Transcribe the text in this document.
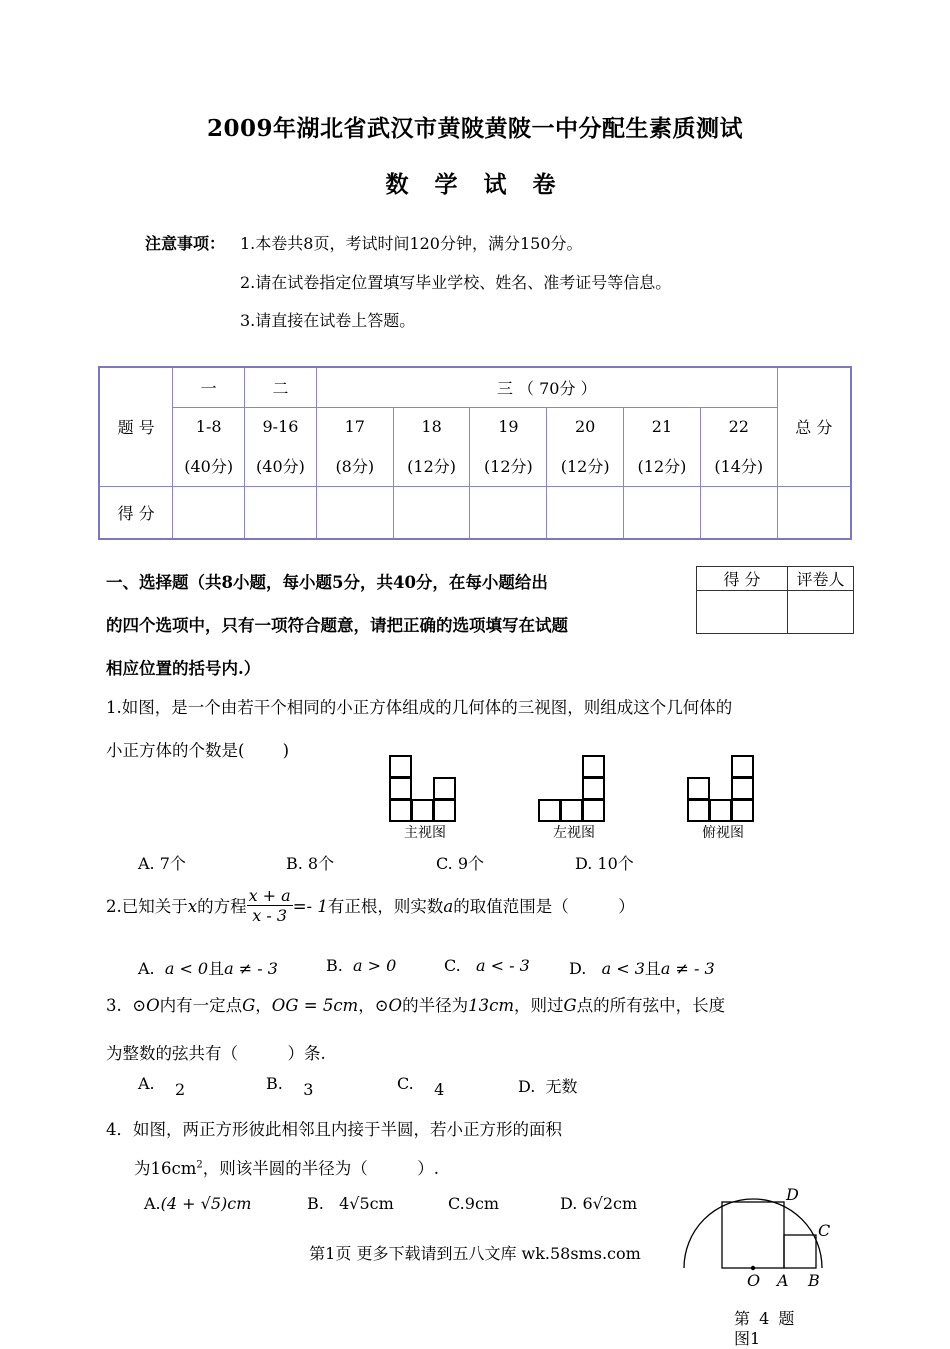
2009年湖北省武汉市黄陂黄陂一中分配生素质测试
数 学 试 卷
注意事项： 1.本卷共8页，考试时间120分钟，满分150分。
2.请在试卷指定位置填写毕业学校、姓名、准考证号等信息。
3.请直接在试卷上答题。
题 号	一	二	三 （ 70分 ）						总 分
	1-8	9-16	17	18	19	20	21	22	
	(40分)	(40分)	(8分)	(12分)	(12分)	(12分)	(12分)	(14分)	
得 分									
一、选择题（共8小题，每小题5分，共40分，在每小题给出
的四个选项中，只有一项符合题意，请把正确的选项填写在试题
相应位置的括号内.）
得 分	评卷人

1.如图，是一个由若干个相同的小正方体组成的几何体的三视图，则组成这个几何体的
小正方体的个数是(　　 )
主视图	左视图	俯视图
A. 7个	B. 8个	C. 9个	D. 10个
2.已知关于x的方程 $\frac{x + a}{x - 3} =- 1$有正根，则实数a的取值范围是（　　　）
A. a < 0且a ≠ - 3	B. a > 0	C. a < - 3 D. a < 3且a ≠ - 3
3. ⊙O内有一定点G，OG = 5cm，⊙O的半径为13cm，则过G点的所有弦中，长度
为整数的弦共有（　　　）条.
A. 2	B. 3	C. 4	D. 无数
4．如图，两正方形彼此相邻且内接于半圆，若小正方形的面积
为$16cm^2$，则该半圆的半径为（　　　）.
A.(4 + √5)cm	B. 4√5cm	C.9cm	D. 6√2cm	D
C
O A B
第 4 题
图1
第1页 更多下载请到五八文库 wk.58sms.com
